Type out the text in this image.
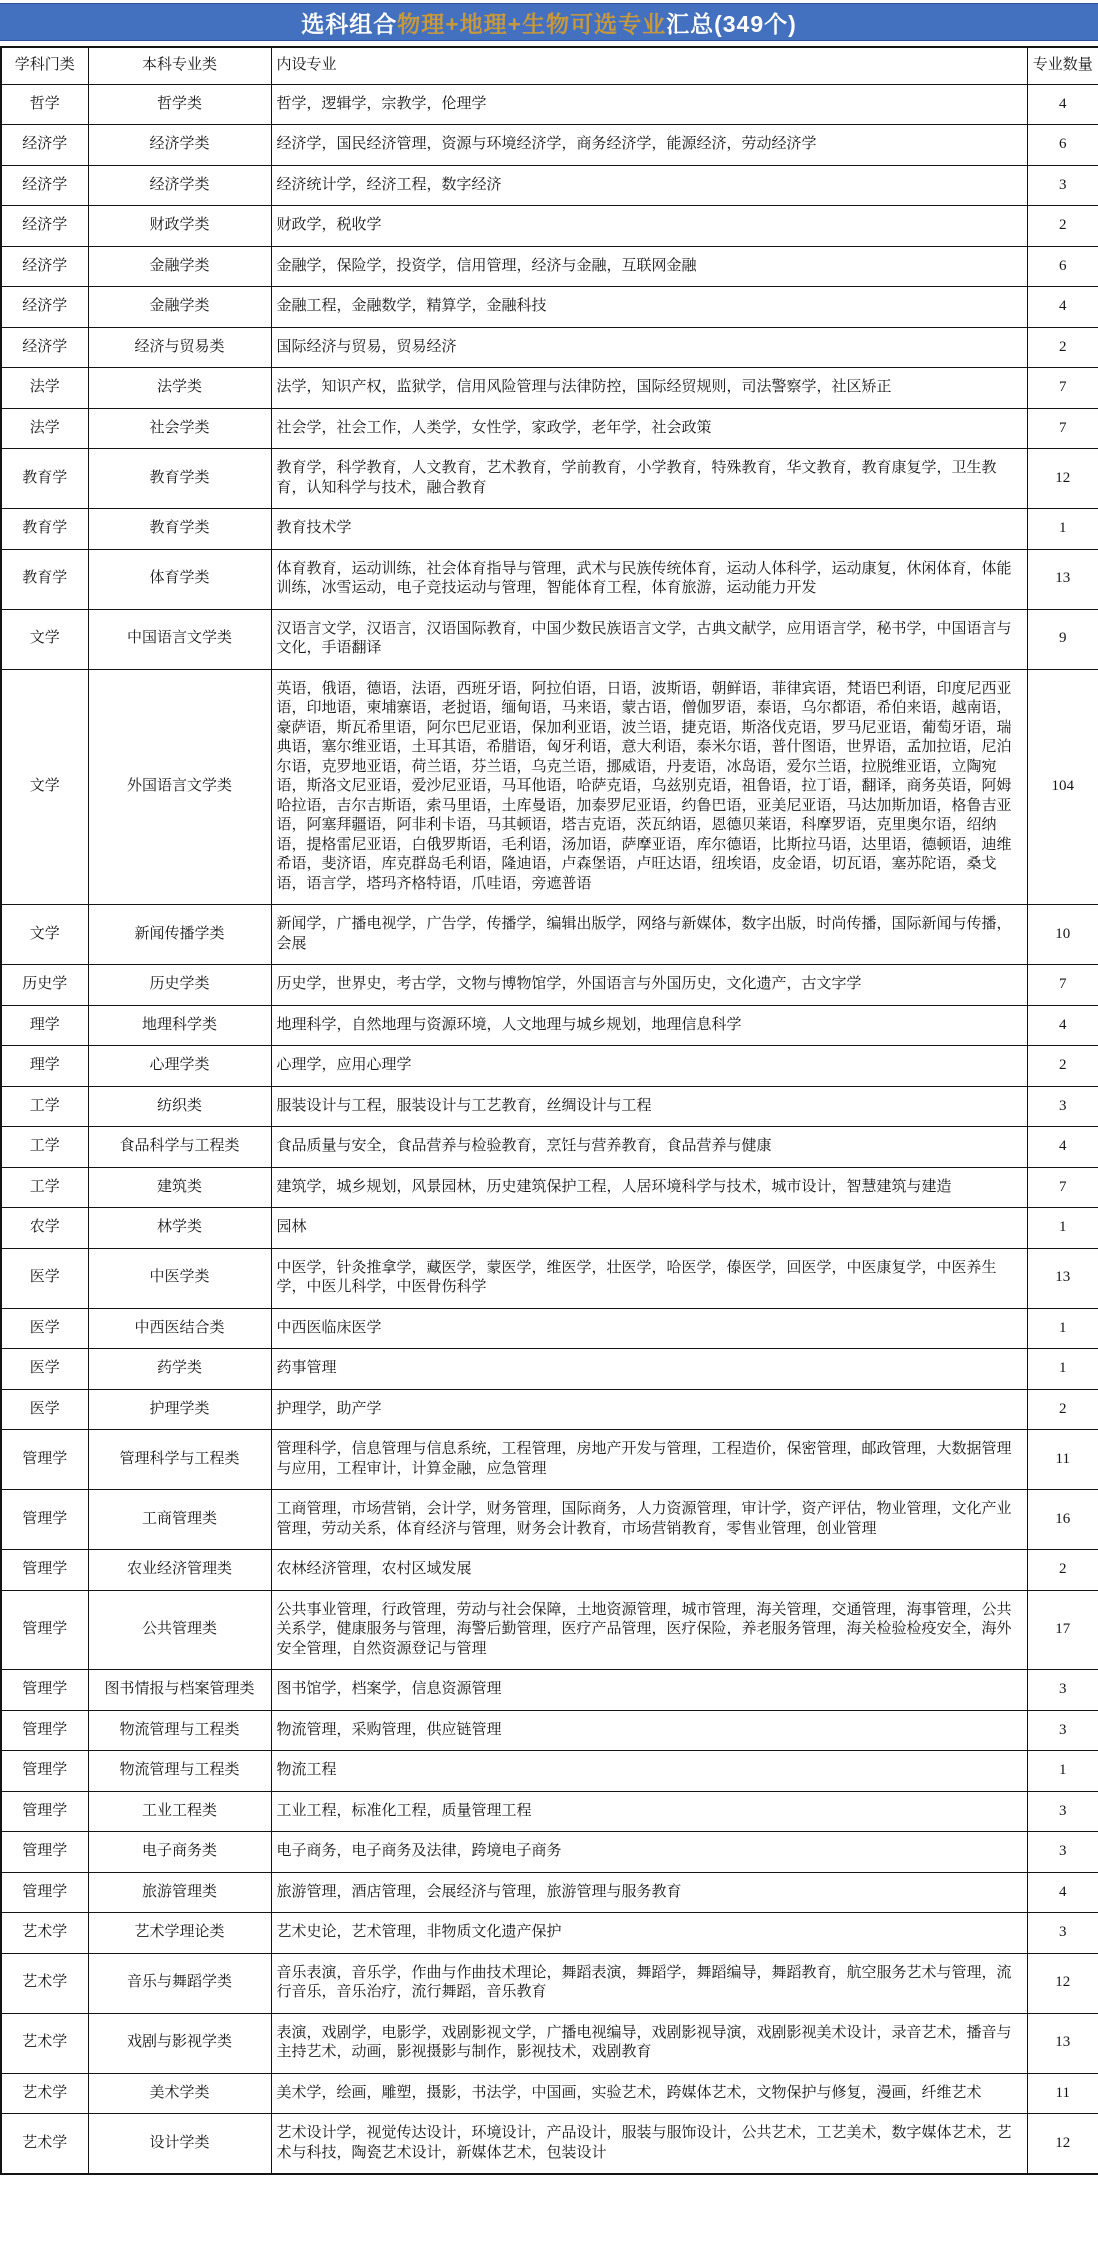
选科组合 物理+地理+生物可选专业 汇总(349个)
学科门类	本科专业类	内设专业	专业数量
哲学	哲学类	哲学，逻辑学，宗教学，伦理学	4
经济学	经济学类	经济学，国民经济管理，资源与环境经济学，商务经济学，能源经济，劳动经济学	6
经济学	经济学类	经济统计学，经济工程，数字经济	3
经济学	财政学类	财政学，税收学	2
经济学	金融学类	金融学，保险学，投资学，信用管理，经济与金融，互联网金融	6
经济学	金融学类	金融工程，金融数学，精算学，金融科技	4
经济学	经济与贸易类	国际经济与贸易，贸易经济	2
法学	法学类	法学，知识产权，监狱学，信用风险管理与法律防控，国际经贸规则，司法警察学，社区矫正	7
法学	社会学类	社会学，社会工作，人类学，女性学，家政学，老年学，社会政策	7
教育学	教育学类	教育学，科学教育，人文教育，艺术教育，学前教育，小学教育，特殊教育，华文教育，教育康复学，卫生教育，认知科学与技术，融合教育	12
教育学	教育学类	教育技术学	1
教育学	体育学类	体育教育，运动训练，社会体育指导与管理，武术与民族传统体育，运动人体科学，运动康复，休闲体育，体能训练，冰雪运动，电子竞技运动与管理，智能体育工程，体育旅游，运动能力开发	13
文学	中国语言文学类	汉语言文学，汉语言，汉语国际教育，中国少数民族语言文学，古典文献学，应用语言学，秘书学，中国语言与文化，手语翻译	9
文学	外国语言文学类	英语，俄语，德语，法语，西班牙语，阿拉伯语，日语，波斯语，朝鲜语，菲律宾语，梵语巴利语，印度尼西亚语，印地语，柬埔寨语，老挝语，缅甸语，马来语，蒙古语，僧伽罗语，泰语，乌尔都语，希伯来语，越南语，豪萨语，斯瓦希里语，阿尔巴尼亚语，保加利亚语，波兰语，捷克语，斯洛伐克语，罗马尼亚语，葡萄牙语，瑞典语，塞尔维亚语，土耳其语，希腊语，匈牙利语，意大利语，泰米尔语，普什图语，世界语，孟加拉语，尼泊尔语，克罗地亚语，荷兰语，芬兰语，乌克兰语，挪威语，丹麦语，冰岛语，爱尔兰语，拉脱维亚语，立陶宛语，斯洛文尼亚语，爱沙尼亚语，马耳他语，哈萨克语，乌兹别克语，祖鲁语，拉丁语，翻译，商务英语，阿姆哈拉语，吉尔吉斯语，索马里语，土库曼语，加泰罗尼亚语，约鲁巴语，亚美尼亚语，马达加斯加语，格鲁吉亚语，阿塞拜疆语，阿非利卡语，马其顿语，塔吉克语，茨瓦纳语，恩德贝莱语，科摩罗语，克里奥尔语，绍纳语，提格雷尼亚语，白俄罗斯语，毛利语，汤加语，萨摩亚语，库尔德语，比斯拉马语，达里语，德顿语，迪维希语，斐济语，库克群岛毛利语，隆迪语，卢森堡语，卢旺达语，纽埃语，皮金语，切瓦语，塞苏陀语，桑戈语，语言学，塔玛齐格特语，爪哇语，旁遮普语	104
文学	新闻传播学类	新闻学，广播电视学，广告学，传播学，编辑出版学，网络与新媒体，数字出版，时尚传播，国际新闻与传播，会展	10
历史学	历史学类	历史学，世界史，考古学，文物与博物馆学，外国语言与外国历史，文化遗产，古文字学	7
理学	地理科学类	地理科学，自然地理与资源环境，人文地理与城乡规划，地理信息科学	4
理学	心理学类	心理学，应用心理学	2
工学	纺织类	服装设计与工程，服装设计与工艺教育，丝绸设计与工程	3
工学	食品科学与工程类	食品质量与安全，食品营养与检验教育，烹饪与营养教育，食品营养与健康	4
工学	建筑类	建筑学，城乡规划，风景园林，历史建筑保护工程，人居环境科学与技术，城市设计，智慧建筑与建造	7
农学	林学类	园林	1
医学	中医学类	中医学，针灸推拿学，藏医学，蒙医学，维医学，壮医学，哈医学，傣医学，回医学，中医康复学，中医养生学，中医儿科学，中医骨伤科学	13
医学	中西医结合类	中西医临床医学	1
医学	药学类	药事管理	1
医学	护理学类	护理学，助产学	2
管理学	管理科学与工程类	管理科学，信息管理与信息系统，工程管理，房地产开发与管理，工程造价，保密管理，邮政管理，大数据管理与应用，工程审计，计算金融，应急管理	11
管理学	工商管理类	工商管理，市场营销，会计学，财务管理，国际商务，人力资源管理，审计学，资产评估，物业管理，文化产业管理，劳动关系，体育经济与管理，财务会计教育，市场营销教育，零售业管理，创业管理	16
管理学	农业经济管理类	农林经济管理，农村区域发展	2
管理学	公共管理类	公共事业管理，行政管理，劳动与社会保障，土地资源管理，城市管理，海关管理，交通管理，海事管理，公共关系学，健康服务与管理，海警后勤管理，医疗产品管理，医疗保险，养老服务管理，海关检验检疫安全，海外安全管理，自然资源登记与管理	17
管理学	图书情报与档案管理类	图书馆学，档案学，信息资源管理	3
管理学	物流管理与工程类	物流管理，采购管理，供应链管理	3
管理学	物流管理与工程类	物流工程	1
管理学	工业工程类	工业工程，标准化工程，质量管理工程	3
管理学	电子商务类	电子商务，电子商务及法律，跨境电子商务	3
管理学	旅游管理类	旅游管理，酒店管理，会展经济与管理，旅游管理与服务教育	4
艺术学	艺术学理论类	艺术史论，艺术管理，非物质文化遗产保护	3
艺术学	音乐与舞蹈学类	音乐表演，音乐学，作曲与作曲技术理论，舞蹈表演，舞蹈学，舞蹈编导，舞蹈教育，航空服务艺术与管理，流行音乐，音乐治疗，流行舞蹈，音乐教育	12
艺术学	戏剧与影视学类	表演，戏剧学，电影学，戏剧影视文学，广播电视编导，戏剧影视导演，戏剧影视美术设计，录音艺术，播音与主持艺术，动画，影视摄影与制作，影视技术，戏剧教育	13
艺术学	美术学类	美术学，绘画，雕塑，摄影，书法学，中国画，实验艺术，跨媒体艺术，文物保护与修复，漫画，纤维艺术	11
艺术学	设计学类	艺术设计学，视觉传达设计，环境设计，产品设计，服装与服饰设计，公共艺术，工艺美术，数字媒体艺术，艺术与科技，陶瓷艺术设计，新媒体艺术，包装设计	12
